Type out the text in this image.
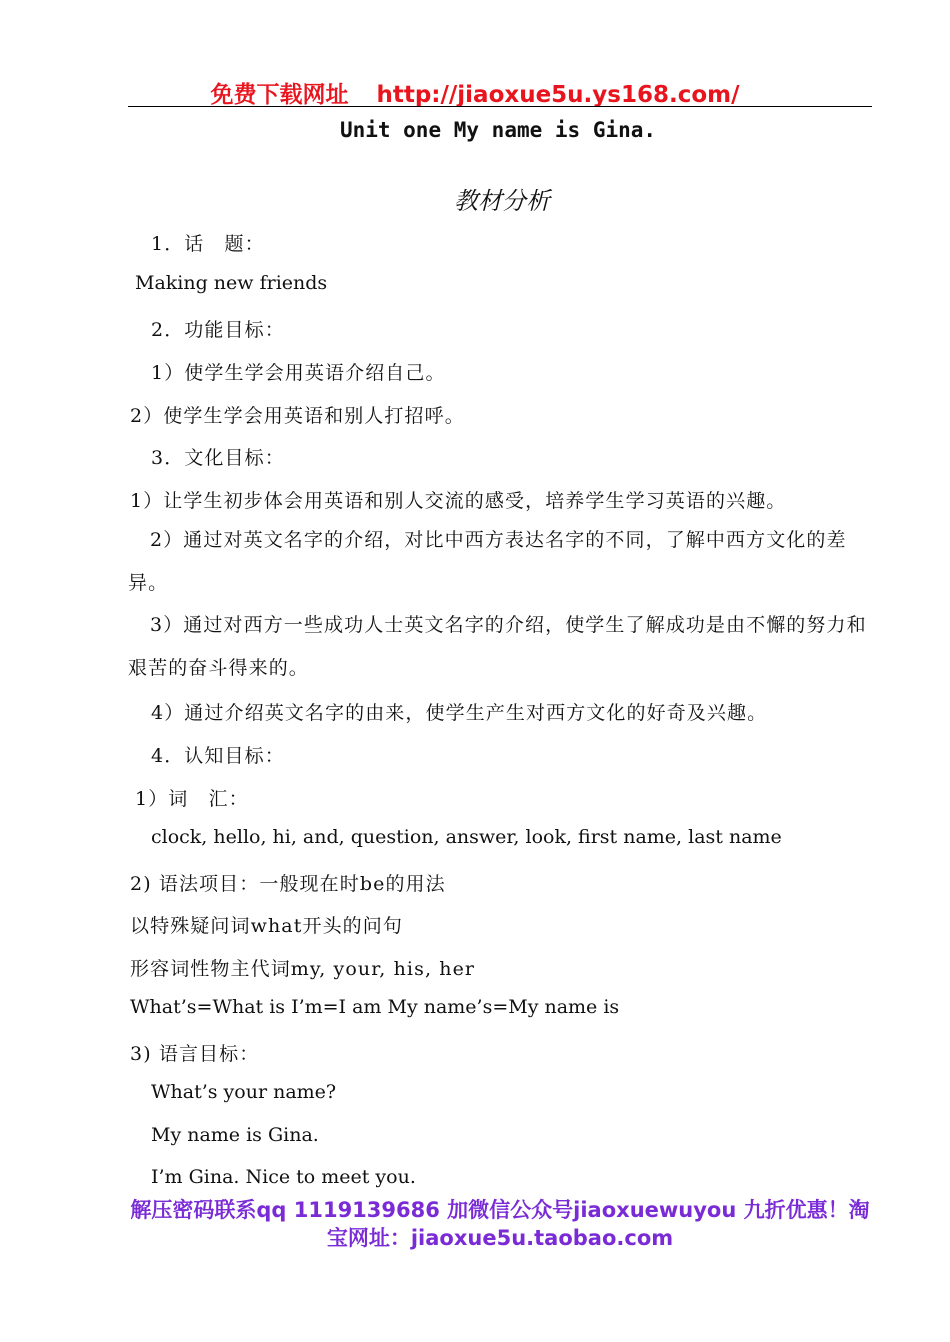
免费下载网址 http://jiaoxue5u.ys168.com/
Unit one My name is Gina.
教材分析
1．话　题：
Making new friends
2．功能目标：
1）使学生学会用英语介绍自己。
2）使学生学会用英语和别人打招呼。
3．文化目标：
1）让学生初步体会用英语和别人交流的感受，培养学生学习英语的兴趣。
2）通过对英文名字的介绍，对比中西方表达名字的不同，了解中西方文化的差异。
3）通过对西方一些成功人士英文名字的介绍，使学生了解成功是由不懈的努力和艰苦的奋斗得来的。
4）通过介绍英文名字的由来，使学生产生对西方文化的好奇及兴趣。
4．认知目标：
1）词　汇：
clock, hello, hi, and, question, answer, look, first name, last name
2) 语法项目：一般现在时be的用法
以特殊疑问词what开头的问句
形容词性物主代词my, your, his, her
What’s=What is I’m=I am My name’s=My name is
3) 语言目标：
What’s your name?
My name is Gina.
I’m Gina. Nice to meet you.
解压密码联系qq 1119139686 加微信公众号jiaoxuewuyou 九折优惠！淘宝网址：jiaoxue5u.taobao.com
